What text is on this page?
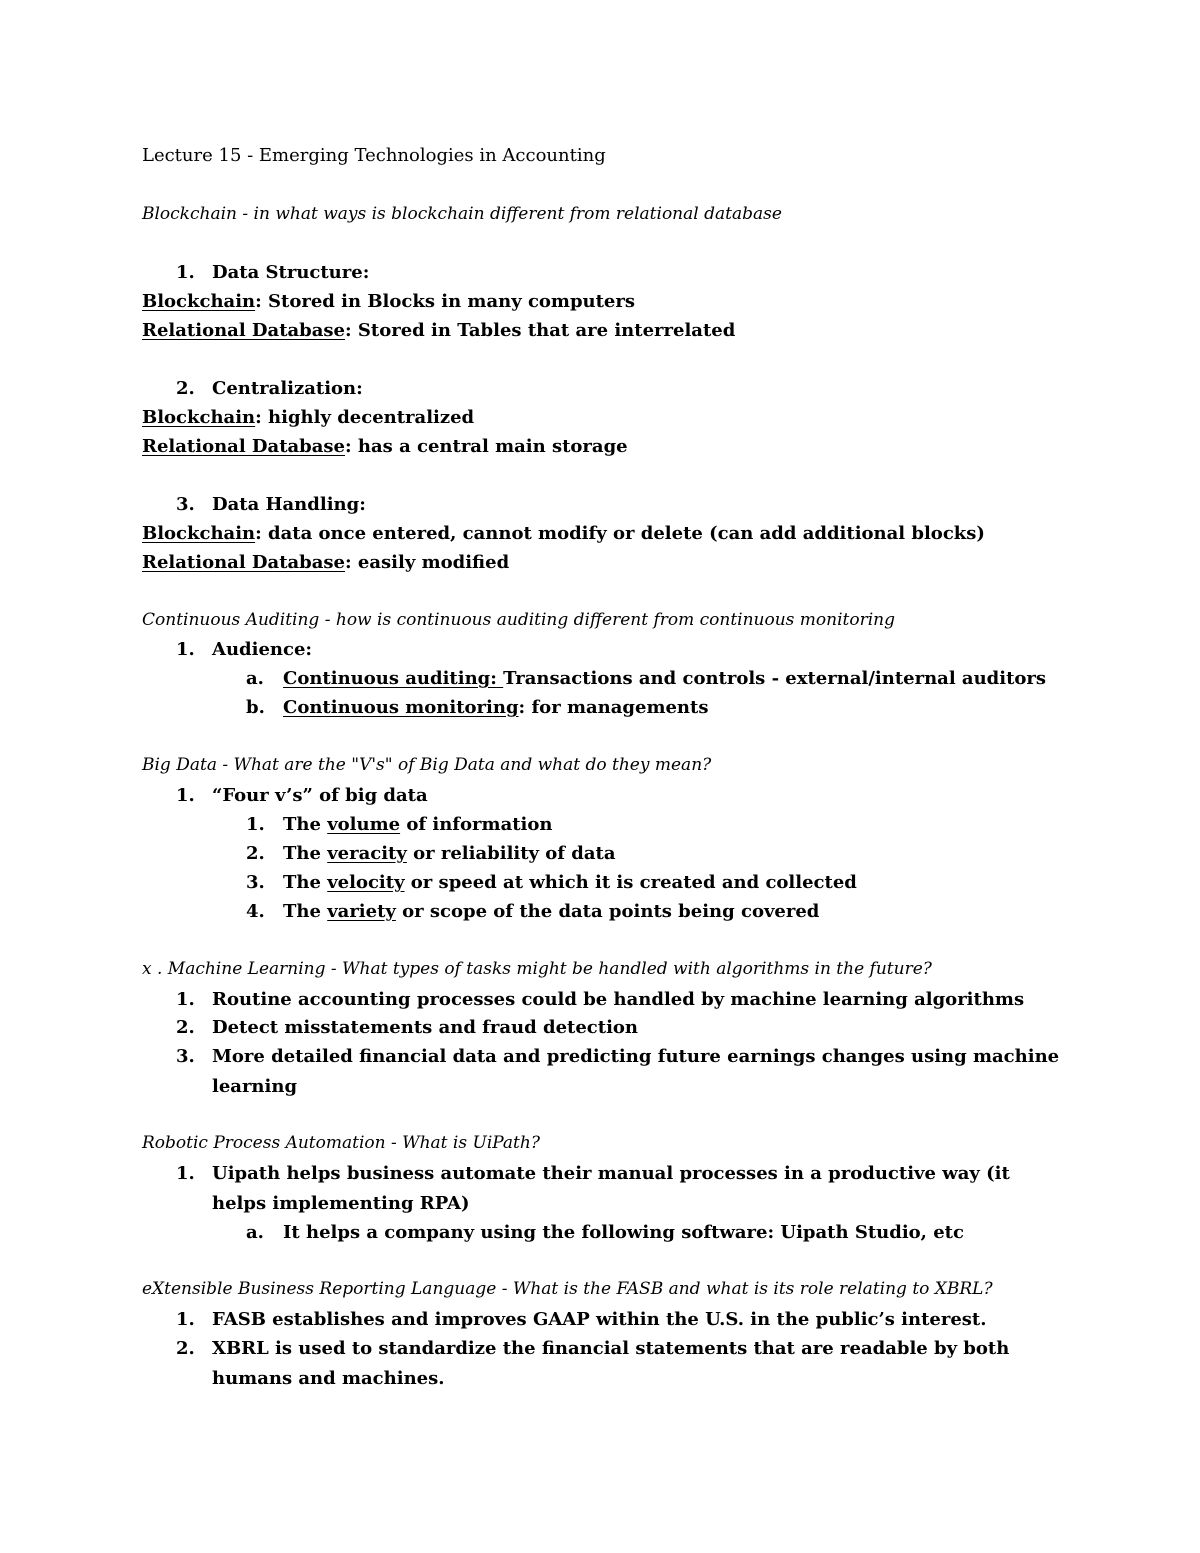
Lecture 15 - Emerging Technologies in Accounting
Blockchain - in what ways is blockchain different from relational database
1. Data Structure:
Blockchain: Stored in Blocks in many computers
Relational Database: Stored in Tables that are interrelated
2. Centralization:
Blockchain: highly decentralized
Relational Database: has a central main storage
3. Data Handling:
Blockchain: data once entered, cannot modify or delete (can add additional blocks)
Relational Database: easily modified
Continuous Auditing - how is continuous auditing different from continuous monitoring
1. Audience:
a.	Continuous auditing: Transactions and controls - external/internal auditors
b.	Continuous monitoring: for managements
Big Data - What are the "V's" of Big Data and what do they mean?
1. “Four v’s” of big data
1.	The volume of information
2.	The veracity or reliability of data
3.	The velocity or speed at which it is created and collected
4.	The variety or scope of the data points being covered
x . Machine Learning - What types of tasks might be handled with algorithms in the future?
1. Routine accounting processes could be handled by machine learning algorithms
2. Detect misstatements and fraud detection
3. More detailed financial data and predicting future earnings changes using machine learning
Robotic Process Automation - What is UiPath?
1. Uipath helps business automate their manual processes in a productive way (it helps implementing RPA)
a.	It helps a company using the following software: Uipath Studio, etc
eXtensible Business Reporting Language - What is the FASB and what is its role relating to XBRL?
1. FASB establishes and improves GAAP within the U.S. in the public’s interest.
2. XBRL is used to standardize the financial statements that are readable by both humans and machines.
